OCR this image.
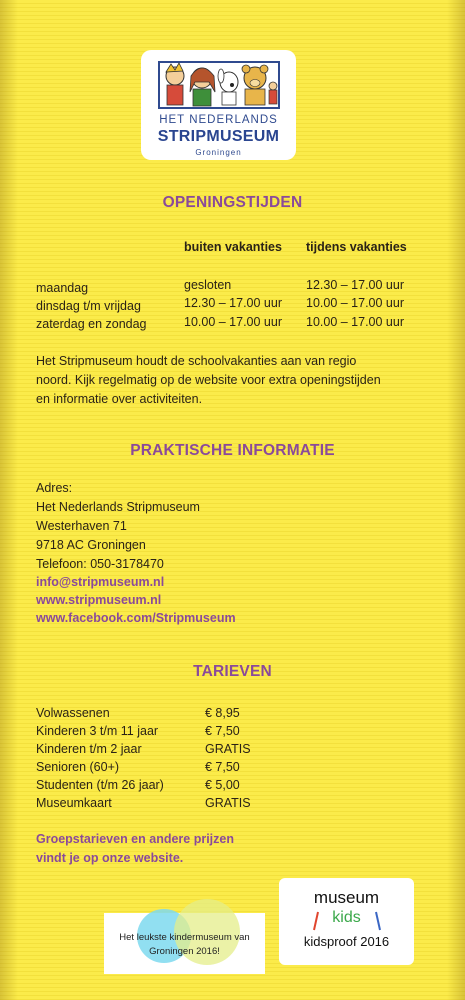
HET NEDERLANDS
STRIPMUSEUM
Groningen
OPENINGSTIJDEN
buiten vakanties tijdens vakanties
maandag	gesloten	12.30 – 17.00 uur
dinsdag t/m vrijdag	12.30 – 17.00 uur 10.00 – 17.00 uur
zaterdag en zondag	10.00 – 17.00 uur 10.00 – 17.00 uur
Het Stripmuseum houdt de schoolvakanties aan van regio
noord. Kijk regelmatig op de website voor extra openingstijden
en informatie over activiteiten.
PRAKTISCHE INFORMATIE
Adres:
Het Nederlands Stripmuseum
Westerhaven 71
9718 AC Groningen
Telefoon: 050-3178470
info@stripmuseum.nl
www.stripmuseum.nl
www.facebook.com/Stripmuseum
TARIEVEN
Volwassenen	€ 8,95
Kinderen 3 t/m 11 jaar	€ 7,50
Kinderen t/m 2 jaar	GRATIS
Senioren (60+)	€ 7,50
Studenten (t/m 26 jaar)	€ 5,00
Museumkaart	GRATIS
Groepstarieven en andere prijzen
vindt je op onze website.
Het leukste kindermuseum van
Groningen 2016!
museum
kids
kidsproof 2016
